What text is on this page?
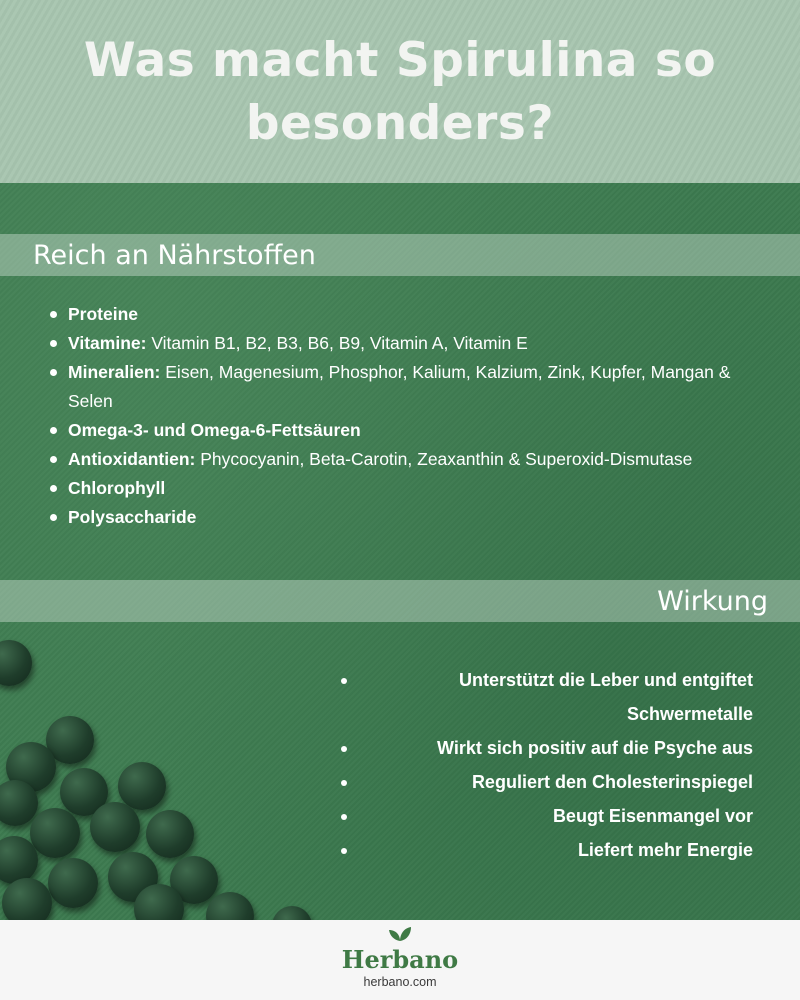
Was macht Spirulina so besonders?
Reich an Nährstoffen
Proteine
Vitamine: Vitamin B1, B2, B3, B6, B9, Vitamin A, Vitamin E
Mineralien: Eisen, Magenesium, Phosphor, Kalium, Kalzium, Zink, Kupfer, Mangan & Selen
Omega-3- und Omega-6-Fettsäuren
Antioxidantien: Phycocyanin, Beta-Carotin, Zeaxanthin & Superoxid-Dismutase
Chlorophyll
Polysaccharide
Wirkung
Unterstützt die Leber und entgiftet Schwermetalle
Wirkt sich positiv auf die Psyche aus
Reguliert den Cholesterinspiegel
Beugt Eisenmangel vor
Liefert mehr Energie
Herbano
herbano.com
